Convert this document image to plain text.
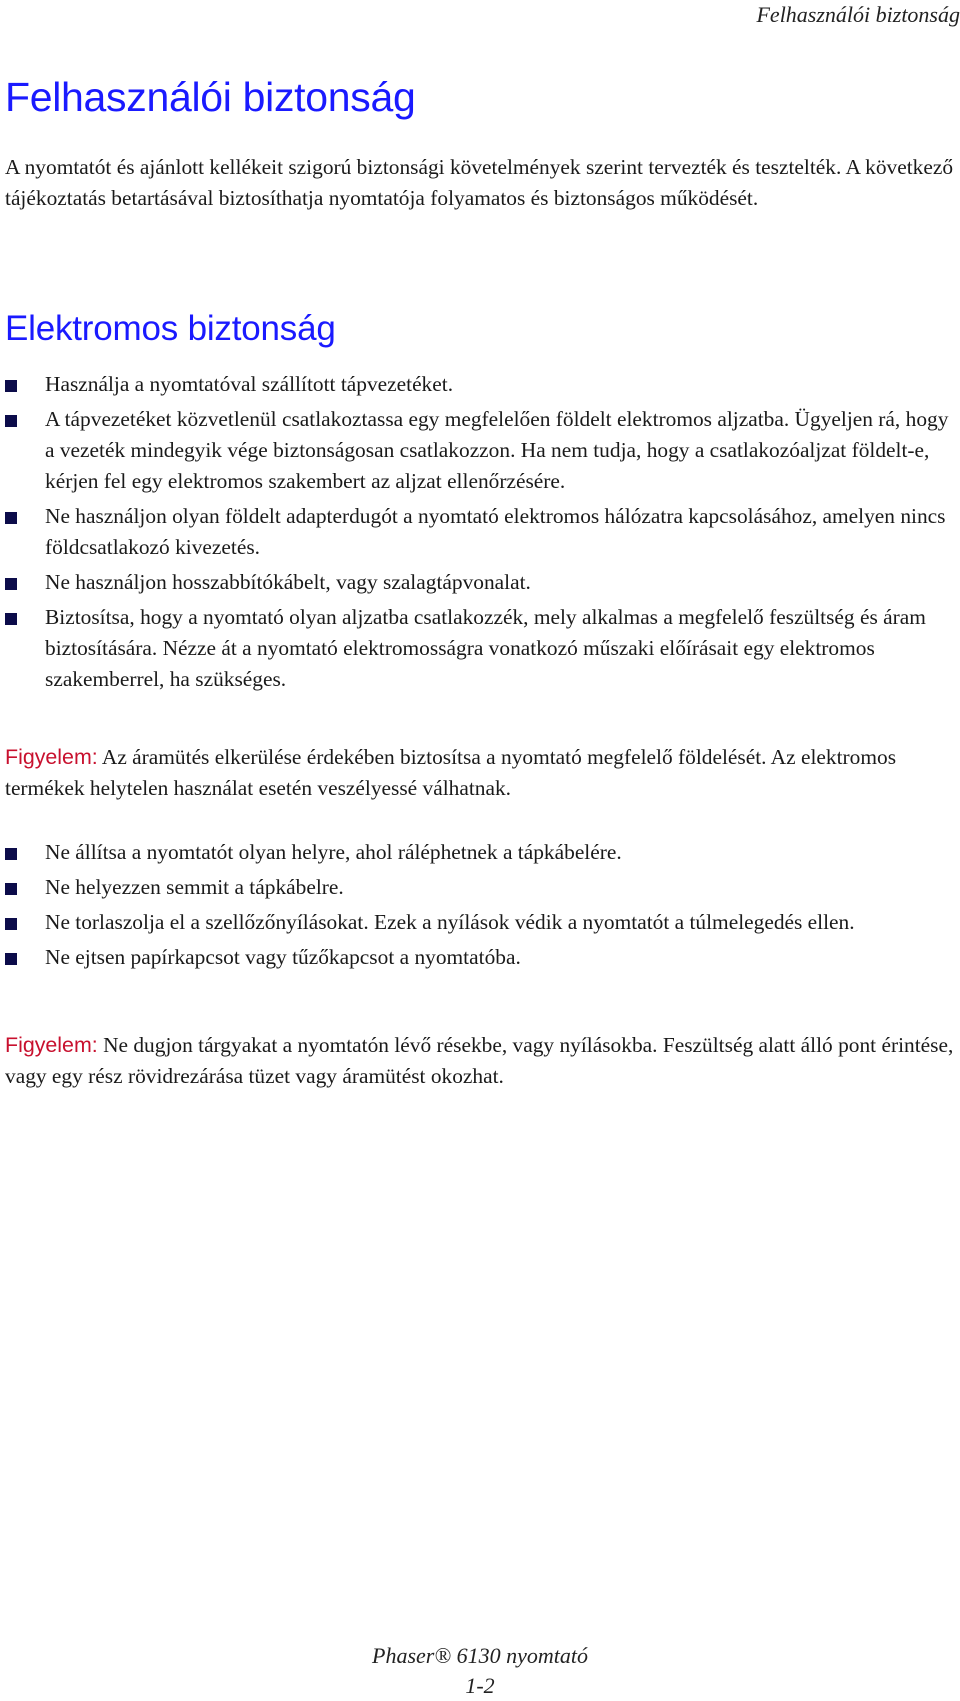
Felhasználói biztonság
Felhasználói biztonság

A nyomtatót és ajánlott kellékeit szigorú biztonsági követelmények szerint tervezték és tesztelték. A következő tájékoztatás betartásával biztosíthatja nyomtatója folyamatos és biztonságos működését.

Elektromos biztonság
Használja a nyomtatóval szállított tápvezetéket.
A tápvezetéket közvetlenül csatlakoztassa egy megfelelően földelt elektromos aljzatba. Ügyeljen rá, hogy a vezeték mindegyik vége biztonságosan csatlakozzon. Ha nem tudja, hogy a csatlakozóaljzat földelt-e, kérjen fel egy elektromos szakembert az aljzat ellenőrzésére.
Ne használjon olyan földelt adapterdugót a nyomtató elektromos hálózatra kapcsolásához, amelyen nincs földcsatlakozó kivezetés.
Ne használjon hosszabbítókábelt, vagy szalagtápvonalat.
Biztosítsa, hogy a nyomtató olyan aljzatba csatlakozzék, mely alkalmas a megfelelő feszültség és áram biztosítására. Nézze át a nyomtató elektromosságra vonatkozó műszaki előírásait egy elektromos szakemberrel, ha szükséges.

Figyelem: Az áramütés elkerülése érdekében biztosítsa a nyomtató megfelelő földelését. Az elektromos termékek helytelen használat esetén veszélyessé válhatnak.

Ne állítsa a nyomtatót olyan helyre, ahol ráléphetnek a tápkábelére.
Ne helyezzen semmit a tápkábelre.
Ne torlaszolja el a szellőzőnyílásokat. Ezek a nyílások védik a nyomtatót a túlmelegedés ellen.
Ne ejtsen papírkapcsot vagy tűzőkapcsot a nyomtatóba.

Figyelem: Ne dugjon tárgyakat a nyomtatón lévő résekbe, vagy nyílásokba. Feszültség alatt álló pont érintése, vagy egy rész rövidrezárása tüzet vagy áramütést okozhat.

Phaser® 6130 nyomtató
1-2
